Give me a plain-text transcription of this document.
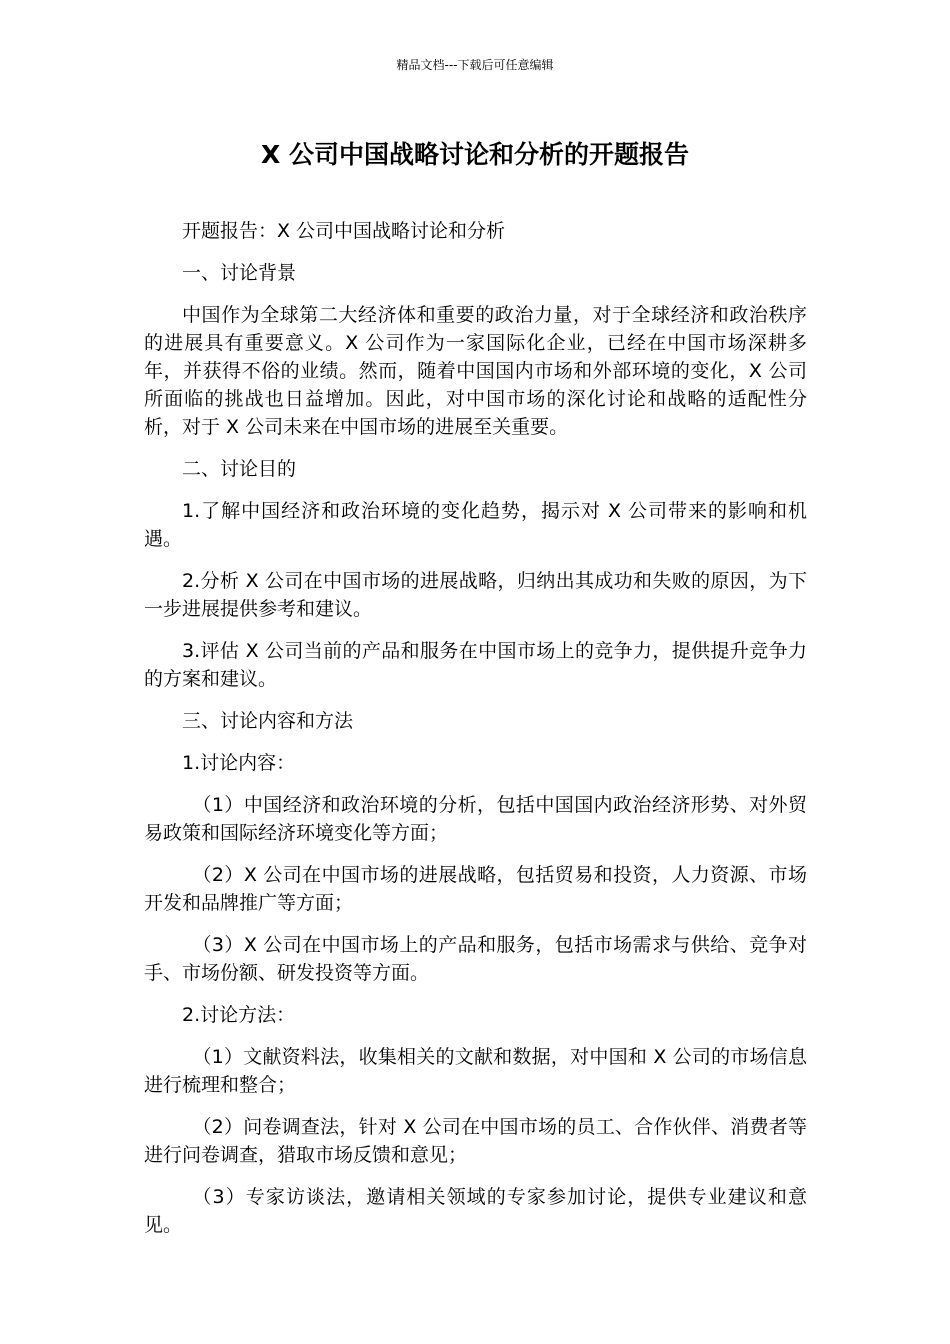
精品文档---下载后可任意编辑
X 公司中国战略讨论和分析的开题报告

开题报告：X 公司中国战略讨论和分析

一、讨论背景

中国作为全球第二大经济体和重要的政治力量，对于全球经济和政治秩序的进展具有重要意义。X 公司作为一家国际化企业，已经在中国市场深耕多年，并获得不俗的业绩。然而，随着中国国内市场和外部环境的变化，X 公司所面临的挑战也日益增加。因此，对中国市场的深化讨论和战略的适配性分析，对于 X 公司未来在中国市场的进展至关重要。

二、讨论目的

1.了解中国经济和政治环境的变化趋势，揭示对 X 公司带来的影响和机遇。

2.分析 X 公司在中国市场的进展战略，归纳出其成功和失败的原因，为下一步进展提供参考和建议。

3.评估 X 公司当前的产品和服务在中国市场上的竞争力，提供提升竞争力的方案和建议。

三、讨论内容和方法

1.讨论内容：

（1）中国经济和政治环境的分析，包括中国国内政治经济形势、对外贸易政策和国际经济环境变化等方面；

（2）X 公司在中国市场的进展战略，包括贸易和投资，人力资源、市场开发和品牌推广等方面；

（3）X 公司在中国市场上的产品和服务，包括市场需求与供给、竞争对手、市场份额、研发投资等方面。

2.讨论方法：

（1）文献资料法，收集相关的文献和数据，对中国和 X 公司的市场信息进行梳理和整合；

（2）问卷调查法，针对 X 公司在中国市场的员工、合作伙伴、消费者等进行问卷调查，猎取市场反馈和意见；

（3）专家访谈法，邀请相关领域的专家参加讨论，提供专业建议和意见。
